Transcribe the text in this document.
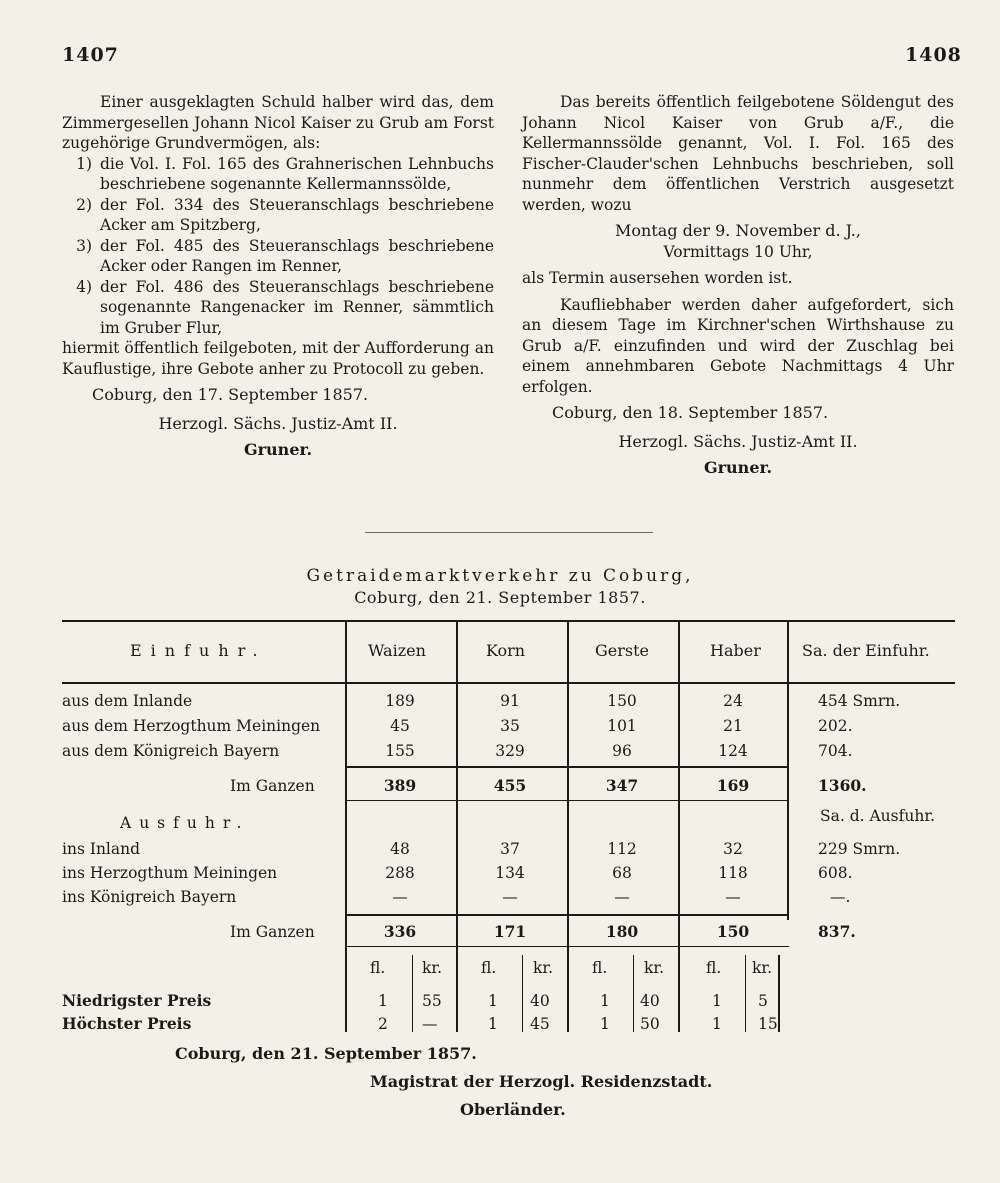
1407	1408

Einer ausgeklagten Schuld halber wird das, dem Zimmergesellen Johann Nicol Kaiser zu Grub am Forst zugehörige Grundvermögen, als:

1) die Vol. I. Fol. 165 des Grahnerischen Lehnbuchs beschriebene sogenannte Kellermannssölde,

2) der Fol. 334 des Steueranschlags beschriebene Acker am Spitzberg,

3) der Fol. 485 des Steueranschlags beschriebene Acker oder Rangen im Renner,

4) der Fol. 486 des Steueranschlags beschriebene sogenannte Rangenacker im Renner, sämmtlich im Gruber Flur,

hiermit öffentlich feilgeboten, mit der Aufforderung an Kauflustige, ihre Gebote anher zu Protocoll zu geben.

Coburg, den 17. September 1857.

Herzogl. Sächs. Justiz-Amt II.

Gruner.

Das bereits öffentlich feilgebotene Söldengut des Johann Nicol Kaiser von Grub a/F., die Kellermannssölde genannt, Vol. I. Fol. 165 des Fischer-Clauder'schen Lehnbuchs beschrieben, soll nunmehr dem öffentlichen Verstrich ausgesetzt werden, wozu

Montag der 9. November d. J.,

Vormittags 10 Uhr,

als Termin ausersehen worden ist.

Kaufliebhaber werden daher aufgefordert, sich an diesem Tage im Kirchner'schen Wirthshause zu Grub a/F. einzufinden und wird der Zuschlag bei einem annehmbaren Gebote Nachmittags 4 Uhr erfolgen.

Coburg, den 18. September 1857.

Herzogl. Sächs. Justiz-Amt II.

Gruner.

Getraidemarktverkehr zu Coburg,
Coburg, den 21. September 1857.
Einfuhr.	Waizen	Korn	Gerste	Haber	Sa. der Einfuhr.
aus dem Inlande	189	91	150	24	454 Smrn.
aus dem Herzogthum Meiningen	45	35	101	21	202.
aus dem Königreich Bayern	155	329	96	124	704.
Im Ganzen	389	455	347	169	1360.
Ausfuhr.	Sa. d. Ausfuhr.
ins Inland	48	37	112	32	229 Smrn.
ins Herzogthum Meiningen	288	134	68	118	608.
ins Königreich Bayern	—	—	—	—	—.
Im Ganzen	336	171	180	150	837.
fl. kr.	fl. kr.	fl. kr.	fl. kr.
Niedrigster Preis	1 55	1 40	1 40	1 5
Höchster Preis	2 —	1 45	1 50	1 15
Coburg, den 21. September 1857.
Magistrat der Herzogl. Residenzstadt.
Oberländer.
